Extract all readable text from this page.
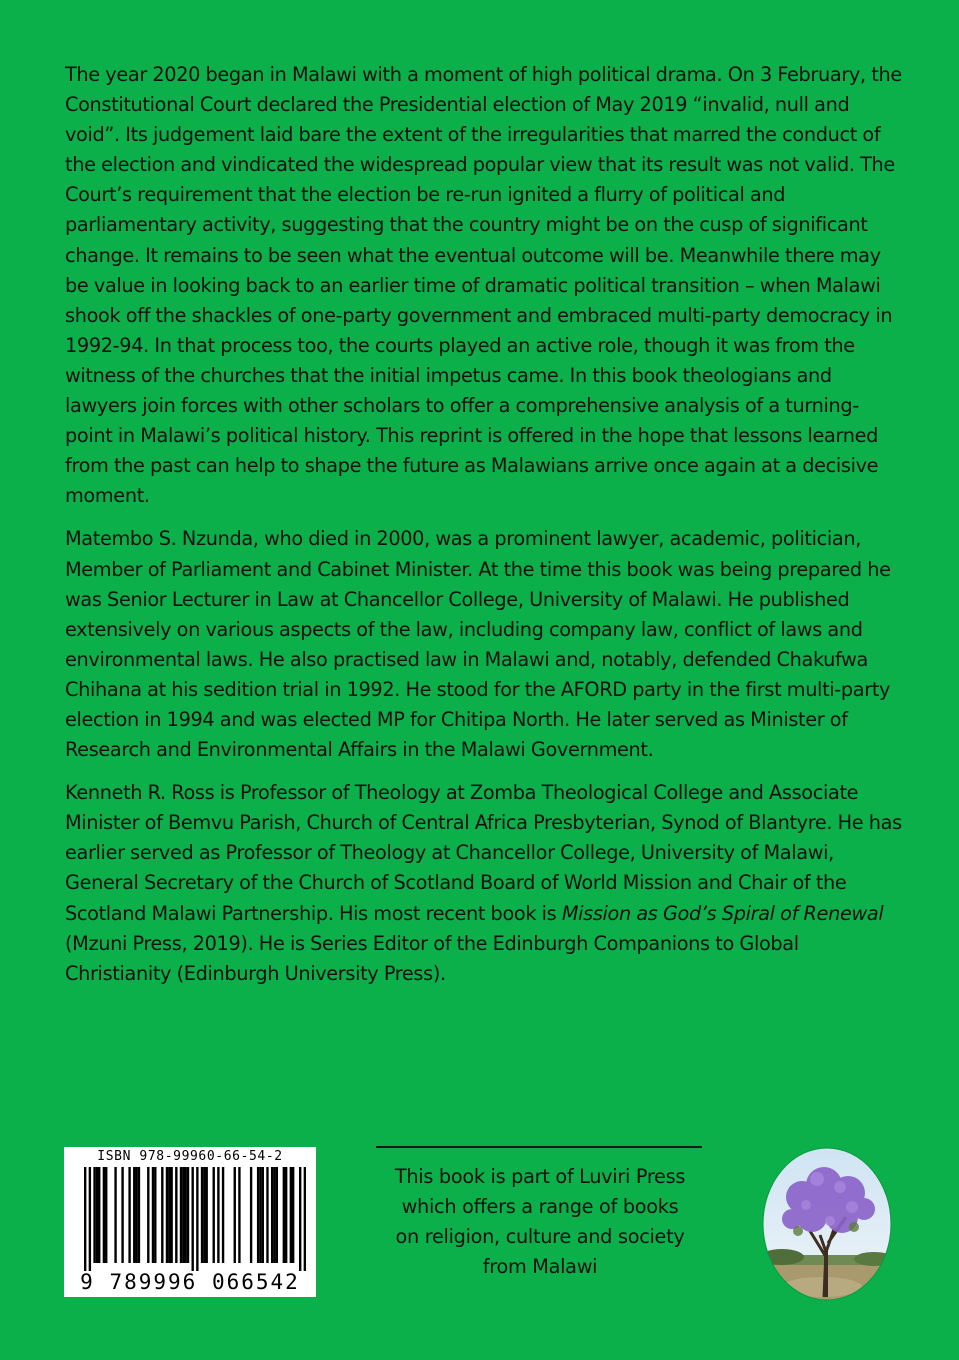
The year 2020 began in Malawi with a moment of high political drama. On 3 February, the Constitutional Court declared the Presidential election of May 2019 “invalid, null and void”. Its judgement laid bare the extent of the irregularities that marred the conduct of the election and vindicated the widespread popular view that its result was not valid. The Court’s requirement that the election be re-run ignited a flurry of political and parliamentary activity, suggesting that the country might be on the cusp of significant change. It remains to be seen what the eventual outcome will be. Meanwhile there may be value in looking back to an earlier time of dramatic political transition – when Malawi shook off the shackles of one-party government and embraced multi-party democracy in 1992-94. In that process too, the courts played an active role, though it was from the witness of the churches that the initial impetus came. In this book theologians and lawyers join forces with other scholars to offer a comprehensive analysis of a turning-point in Malawi’s political history. This reprint is offered in the hope that lessons learned from the past can help to shape the future as Malawians arrive once again at a decisive moment.

Matembo S. Nzunda, who died in 2000, was a prominent lawyer, academic, politician, Member of Parliament and Cabinet Minister. At the time this book was being prepared he was Senior Lecturer in Law at Chancellor College, University of Malawi. He published extensively on various aspects of the law, including company law, conflict of laws and environmental laws. He also practised law in Malawi and, notably, defended Chakufwa Chihana at his sedition trial in 1992. He stood for the AFORD party in the first multi-party election in 1994 and was elected MP for Chitipa North. He later served as Minister of Research and Environmental Affairs in the Malawi Government.

Kenneth R. Ross is Professor of Theology at Zomba Theological College and Associate Minister of Bemvu Parish, Church of Central Africa Presbyterian, Synod of Blantyre. He has earlier served as Professor of Theology at Chancellor College, University of Malawi, General Secretary of the Church of Scotland Board of World Mission and Chair of the Scotland Malawi Partnership. His most recent book is Mission as God’s Spiral of Renewal (Mzuni Press, 2019). He is Series Editor of the Edinburgh Companions to Global Christianity (Edinburgh University Press).

ISBN 978-99960-66-54-2
9 789996 066542
This book is part of Luviri Press
which offers a range of books
on religion, culture and society
from Malawi
